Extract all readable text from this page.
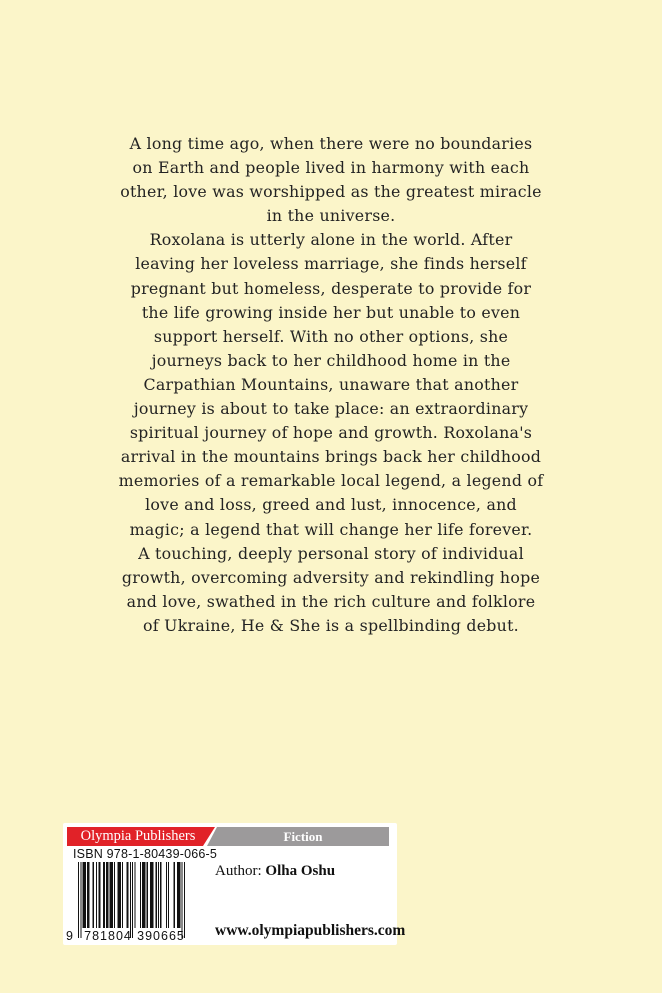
A long time ago, when there were no boundaries
on Earth and people lived in harmony with each
other, love was worshipped as the greatest miracle
in the universe.
Roxolana is utterly alone in the world. After
leaving her loveless marriage, she finds herself
pregnant but homeless, desperate to provide for
the life growing inside her but unable to even
support herself. With no other options, she
journeys back to her childhood home in the
Carpathian Mountains, unaware that another
journey is about to take place: an extraordinary
spiritual journey of hope and growth. Roxolana's
arrival in the mountains brings back her childhood
memories of a remarkable local legend, a legend of
love and loss, greed and lust, innocence, and
magic; a legend that will change her life forever.
A touching, deeply personal story of individual
growth, overcoming adversity and rekindling hope
and love, swathed in the rich culture and folklore
of Ukraine, He & She is a spellbinding debut.
Olympia Publishers	Fiction
ISBN 978-1-80439-066-5
9 781804 390665
Author: Olha Oshu
www.olympiapublishers.com
